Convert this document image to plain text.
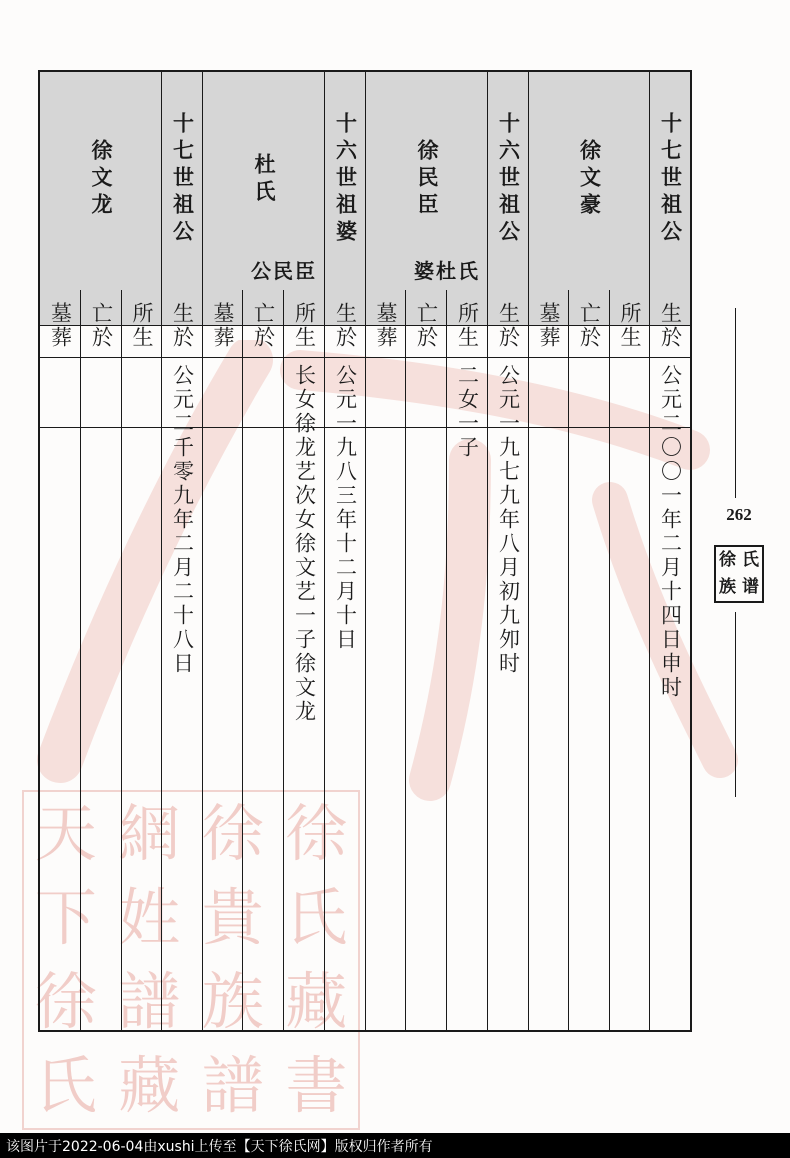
天 網 徐 徐
下 姓 貴 氏
徐 譜 族 藏
氏 藏 譜 書
十七世祖公
徐文豪
生於
所生
亡於
墓葬
公元二〇〇一年二月十四日申时
十六世祖公
徐民臣
婆杜氏
生於
所生
亡於
墓葬
公元一九七九年八月初九夘时
二女一子
十六世祖婆
杜氏
公民臣
生於
所生
亡於
墓葬
公元一九八三年十二月十日
长女徐龙艺次女徐文艺一子徐文龙
十七世祖公
徐文龙
生於
所生
亡於
墓葬
公元二千零九年二月二十八日	262
徐 氏
族 谱
该图片于2022-06-04由xushi上传至【天下徐氏网】版权归作者所有
